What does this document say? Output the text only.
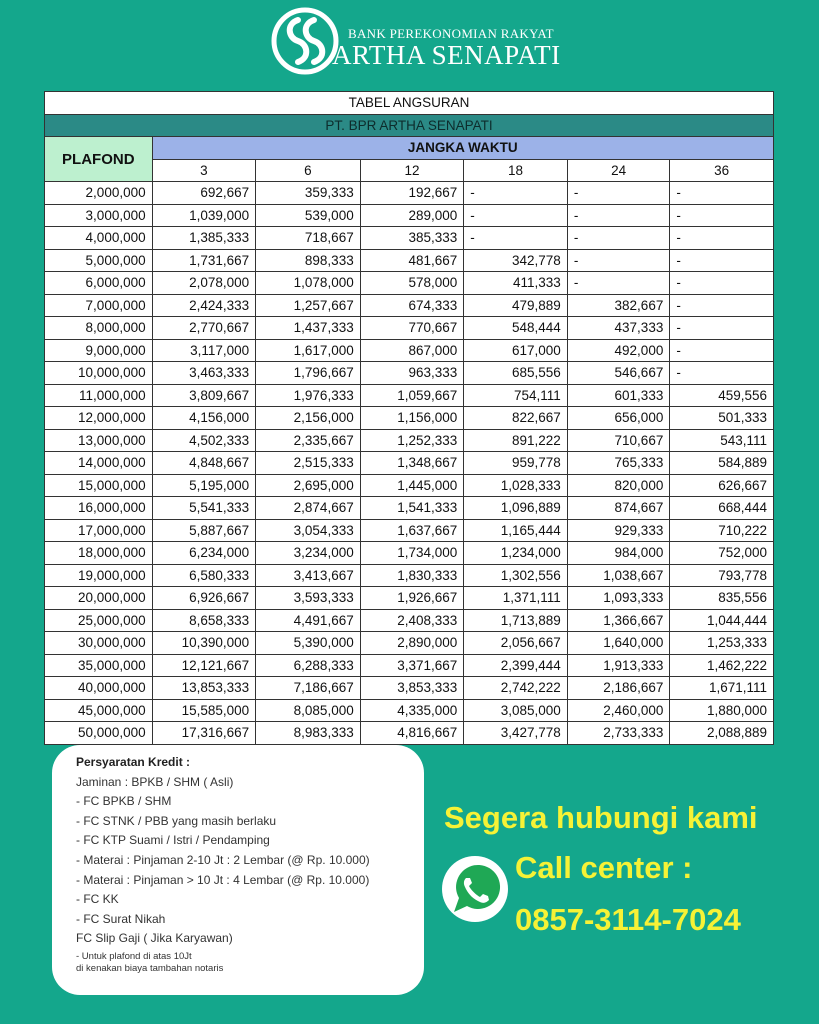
BANK PEREKONOMIAN RAKYAT
ARTHA SENAPATI
TABEL ANGSURAN						
PT. BPR ARTHA SENAPATI						
PLAFOND	JANGKA WAKTU					
	3	6	12	18	24	36
2,000,000	692,667	359,333	192,667	-	-	-
3,000,000	1,039,000	539,000	289,000	-	-	-
4,000,000	1,385,333	718,667	385,333	-	-	-
5,000,000	1,731,667	898,333	481,667	342,778	-	-
6,000,000	2,078,000	1,078,000	578,000	411,333	-	-
7,000,000	2,424,333	1,257,667	674,333	479,889	382,667	-
8,000,000	2,770,667	1,437,333	770,667	548,444	437,333	-
9,000,000	3,117,000	1,617,000	867,000	617,000	492,000	-
10,000,000	3,463,333	1,796,667	963,333	685,556	546,667	-
11,000,000	3,809,667	1,976,333	1,059,667	754,111	601,333	459,556
12,000,000	4,156,000	2,156,000	1,156,000	822,667	656,000	501,333
13,000,000	4,502,333	2,335,667	1,252,333	891,222	710,667	543,111
14,000,000	4,848,667	2,515,333	1,348,667	959,778	765,333	584,889
15,000,000	5,195,000	2,695,000	1,445,000	1,028,333	820,000	626,667
16,000,000	5,541,333	2,874,667	1,541,333	1,096,889	874,667	668,444
17,000,000	5,887,667	3,054,333	1,637,667	1,165,444	929,333	710,222
18,000,000	6,234,000	3,234,000	1,734,000	1,234,000	984,000	752,000
19,000,000	6,580,333	3,413,667	1,830,333	1,302,556	1,038,667	793,778
20,000,000	6,926,667	3,593,333	1,926,667	1,371,111	1,093,333	835,556
25,000,000	8,658,333	4,491,667	2,408,333	1,713,889	1,366,667	1,044,444
30,000,000	10,390,000	5,390,000	2,890,000	2,056,667	1,640,000	1,253,333
35,000,000	12,121,667	6,288,333	3,371,667	2,399,444	1,913,333	1,462,222
40,000,000	13,853,333	7,186,667	3,853,333	2,742,222	2,186,667	1,671,111
45,000,000	15,585,000	8,085,000	4,335,000	3,085,000	2,460,000	1,880,000
50,000,000	17,316,667	8,983,333	4,816,667	3,427,778	2,733,333	2,088,889
Persyaratan Kredit :
Jaminan : BPKB / SHM ( Asli)
- FC BPKB / SHM
- FC STNK / PBB yang masih berlaku
- FC KTP Suami / Istri / Pendamping
- Materai : Pinjaman 2-10 Jt : 2 Lembar (@ Rp. 10.000)
- Materai : Pinjaman > 10 Jt : 4 Lembar (@ Rp. 10.000)
- FC KK
- FC Surat Nikah
FC Slip Gaji ( Jika Karyawan)
- Untuk plafond di atas 10Jt
di kenakan biaya tambahan notaris
Segera hubungi kami
Call center :
0857-3114-7024
